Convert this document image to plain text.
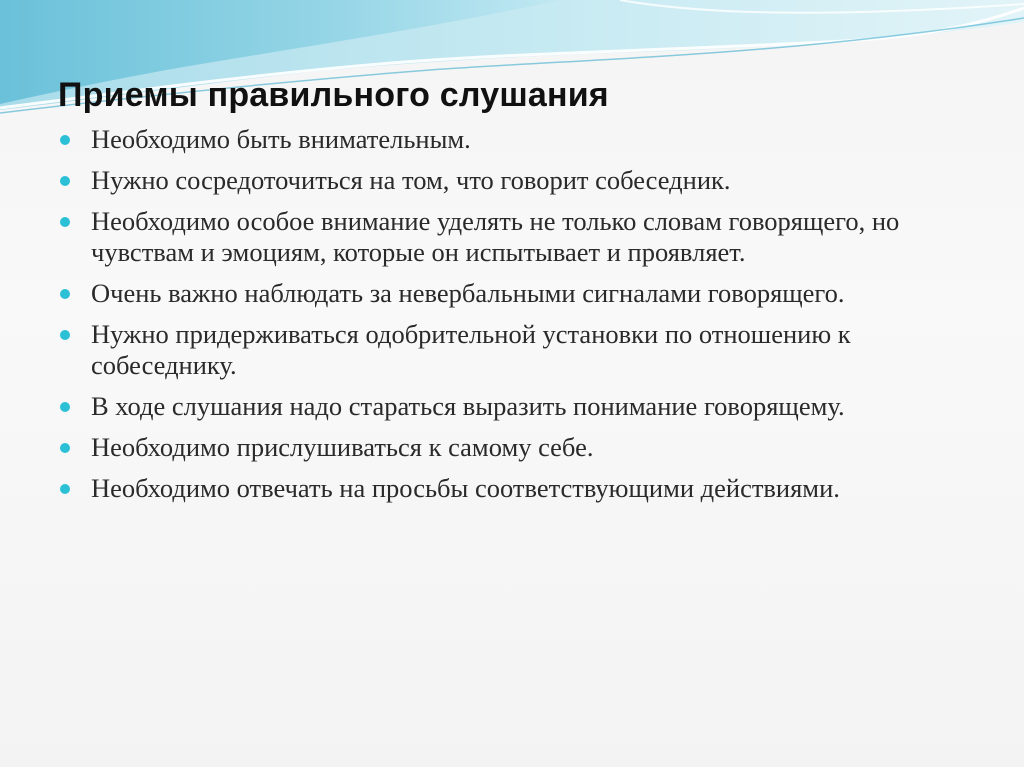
Приемы правильного слушания
Необходимо быть внимательным.
Нужно сосредоточиться на том, что говорит собеседник.
Необходимо особое внимание уделять не только словам говорящего, но чувствам и эмоциям, которые он испытывает и проявляет.
Очень важно наблюдать за невербальными сигналами говорящего.
Нужно придерживаться одобрительной установки по отношению к собеседнику.
В ходе слушания надо стараться выразить понимание говорящему.
Необходимо прислушиваться к самому себе.
Необходимо отвечать на просьбы соответствующими действиями.
